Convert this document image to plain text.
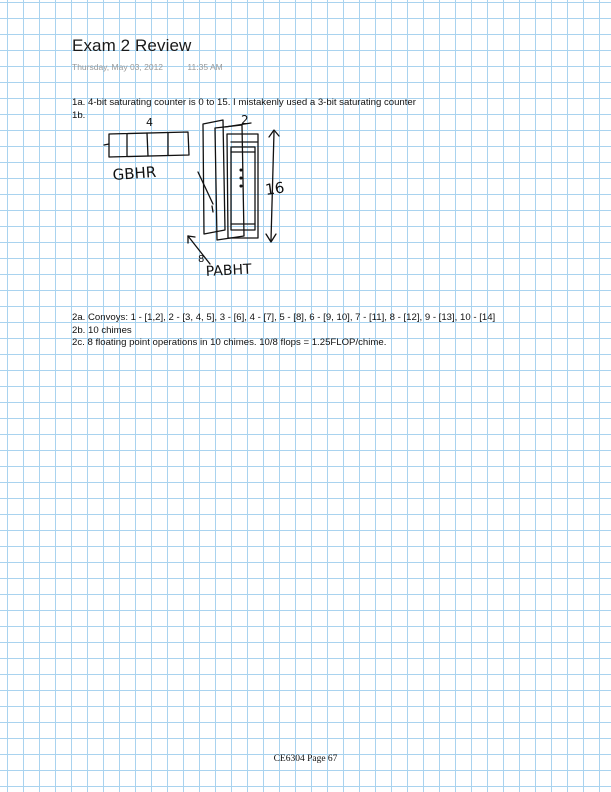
Exam 2 Review
Thursday, May 03, 2012	11:35 AM
1a. 4-bit saturating counter is 0 to 15. I mistakenly used a 3-bit saturating counter
1b.
4
GBHR
2
16
8
PABHT
2a. Convoys: 1 - [1,2], 2 - [3, 4, 5], 3 - [6], 4 - [7], 5 - [8], 6 - [9, 10], 7 - [11], 8 - [12], 9 - [13], 10 - [14]
2b. 10 chimes
2c. 8 floating point operations in 10 chimes. 10/8 flops = 1.25FLOP/chime.
CE6304 Page 67
